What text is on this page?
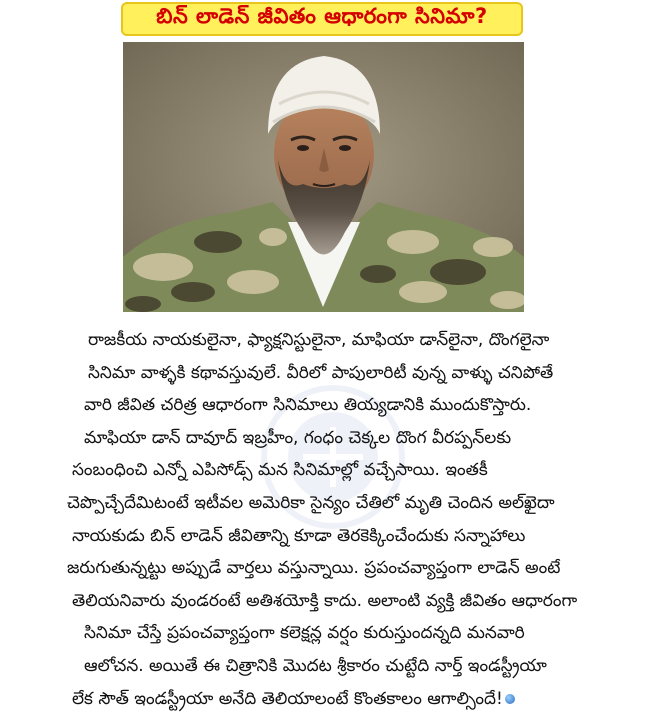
బిన్ లాడెన్ జీవితం ఆధారంగా సినిమా?
రాజకీయ నాయకులైనా, ఫ్యాక్షనిస్టులైనా, మాఫియా డాన్‌లైనా, దొంగలైనా
సినిమా వాళ్ళకి కథావస్తువులే. వీరిలో పాపులారిటీ వున్న వాళ్ళు చనిపోతే
వారి జీవిత చరిత్ర ఆధారంగా సినిమాలు తియ్యడానికి ముందుకొస్తారు.
మాఫియా డాన్ దావూద్ ఇబ్రహీం, గంధం చెక్కల దొంగ వీరప్పన్‌లకు
సంబంధించి ఎన్నో ఎపిసోడ్స్ మన సినిమాల్లో వచ్చేసాయి. ఇంతకీ
చెప్పొచ్చేదేమిటంటే ఇటీవల అమెరికా సైన్యం చేతిలో మృతి చెందిన అల్‌ఖైదా
నాయకుడు బిన్ లాడెన్ జీవితాన్ని కూడా తెరకెక్కించేందుకు సన్నాహాలు
జరుగుతున్నట్టు అప్పుడే వార్తలు వస్తున్నాయి. ప్రపంచవ్యాప్తంగా లాడెన్ అంటే
తెలియనివారు వుండరంటే అతిశయోక్తి కాదు. అలాంటి వ్యక్తి జీవితం ఆధారంగా
సినిమా చేస్తే ప్రపంచవ్యాప్తంగా కలెక్షన్ల వర్షం కురుస్తుందన్నది మనవారి
ఆలోచన. అయితే ఈ చిత్రానికి మొదట శ్రీకారం చుట్టేది నార్త్ ఇండస్ట్రీయా
లేక సౌత్ ఇండస్ట్రీయా అనేది తెలియాలంటే కొంతకాలం ఆగాల్సిందే!
